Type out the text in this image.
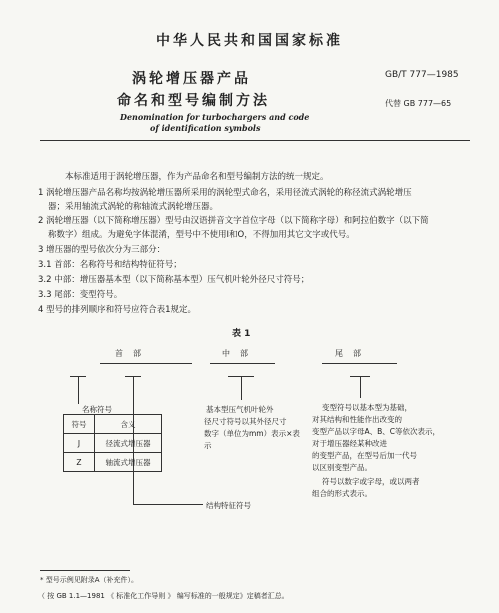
中华人民共和国国家标准
涡轮增压器产品
命名和型号编制方法
GB/T 777—1985
代替 GB 777—65
Denomination for turbochargers and code
of identification symbols
本标准适用于涡轮增压器，作为产品命名和型号编制方法的统一规定。
1 涡轮增压器产品名称均按涡轮增压器所采用的涡轮型式命名，采用径流式涡轮的称径流式涡轮增压
器；采用轴流式涡轮的称轴流式涡轮增压器。
2 涡轮增压器（以下简称增压器）型号由汉语拼音文字首位字母（以下简称字母）和阿拉伯数字（以下简
称数字）组成。为避免字体混淆，型号中不使用I和O，不得加用其它文字或代号。
3 增压器的型号依次分为三部分：
3.1 首部：名称符号和结构特征符号；
3.2 中部：增压器基本型（以下简称基本型）压气机叶轮外径尺寸符号；
3.3 尾部：变型符号。
4 型号的排列顺序和符号应符合表1规定。
表 1
首部	中部	尾部
名称符号
符号	含义
J	径流式增压器
Z	轴流式增压器
基本型压气机叶轮外
径尺寸符号以其外径尺寸
数字（单位为mm）表示×表
示
变型符号以基本型为基础，
对其结构和性能作出改变的
变型产品以字母A、B、C等依次表示，
对于增压器经某种改进
的变型产品，在型号后加一代号
以区别变型产品。
符号以数字或字母，或以两者
组合的形式表示。
结构特征符号
* 型号示例见附录A（补充件）。
（ 按 GB 1.1—1981 《 标准化工作导则 》 编写标准的一般规定》定稿者汇总。
